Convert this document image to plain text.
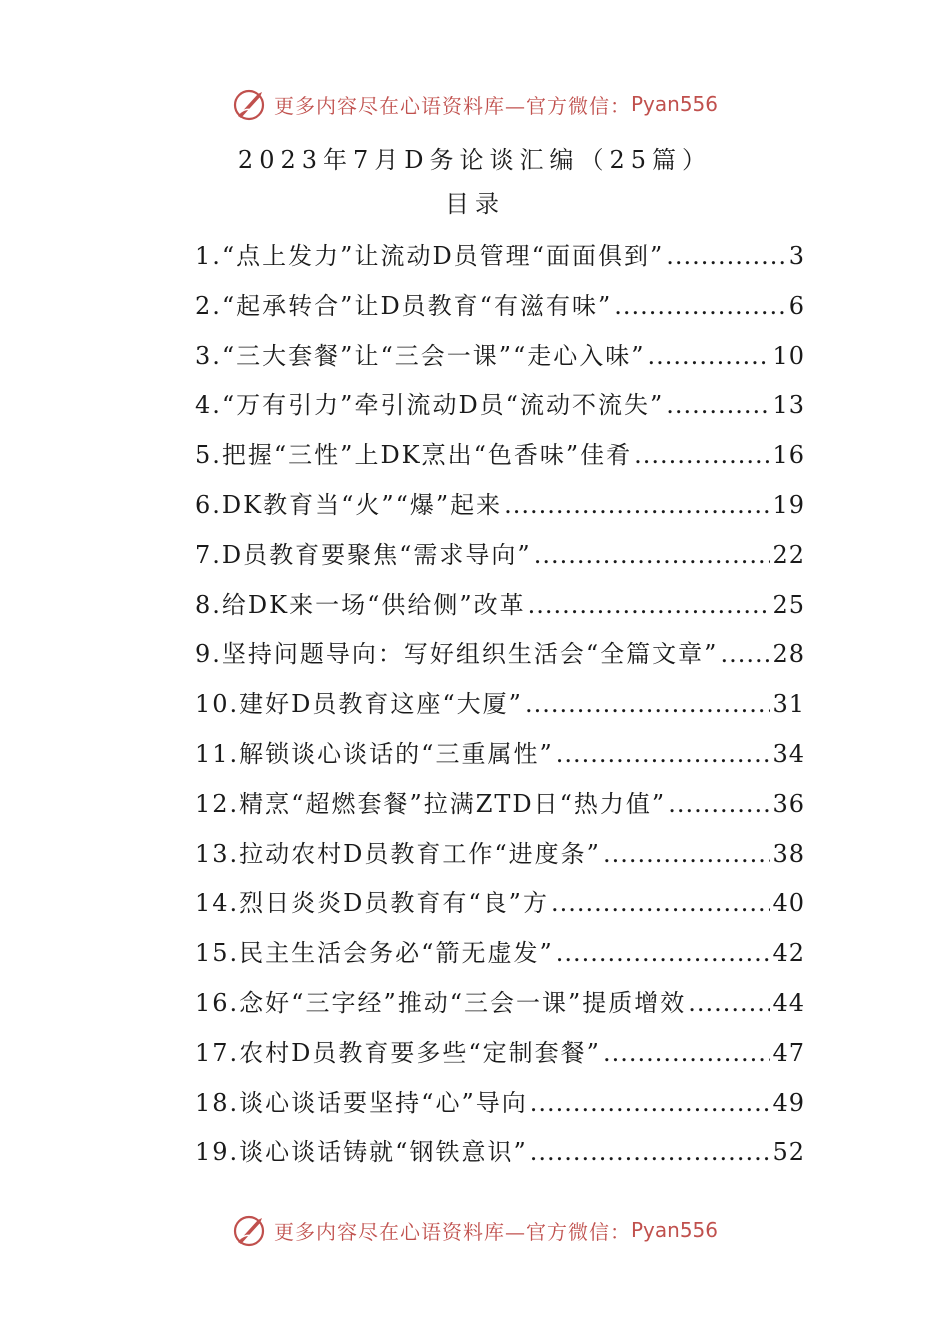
更多内容尽在心语资料库—官方微信： Pyan556
2023年7月D务论谈汇编（25篇）
目录
1. “点上发力”让流动D员管理“面面俱到” .....	3
2. “起承转合”让D员教育“有滋有味” .....	6
3. “三大套餐”让“三会一课”“走心入味” .....	10
4. “万有引力”牵引流动D员“流动不流失” .....	13
5. 把握“三性”上DK烹出“色香味”佳肴 .....	16
6. DK教育当“火”“爆”起来 .....	19
7. D员教育要聚焦“需求导向” .....	22
8. 给DK来一场“供给侧”改革 .....	25
9. 坚持问题导向：写好组织生活会“全篇文章” ..... 28
10. 建好D员教育这座“大厦” .....	31
11. 解锁谈心谈话的“三重属性” .....	34
12. 精烹“超燃套餐”拉满ZTD日“热力值” .....	36
13. 拉动农村D员教育工作“进度条” .....	38
14. 烈日炎炎D员教育有“良”方 .....	40
15. 民主生活会务必“箭无虚发” .....	42
16. 念好“三字经”推动“三会一课”提质增效 .....	44
17. 农村D员教育要多些“定制套餐” .....	47
18. 谈心谈话要坚持“心”导向 .....	49
19. 谈心谈话铸就“钢铁意识” .....	52
更多内容尽在心语资料库—官方微信： Pyan556
